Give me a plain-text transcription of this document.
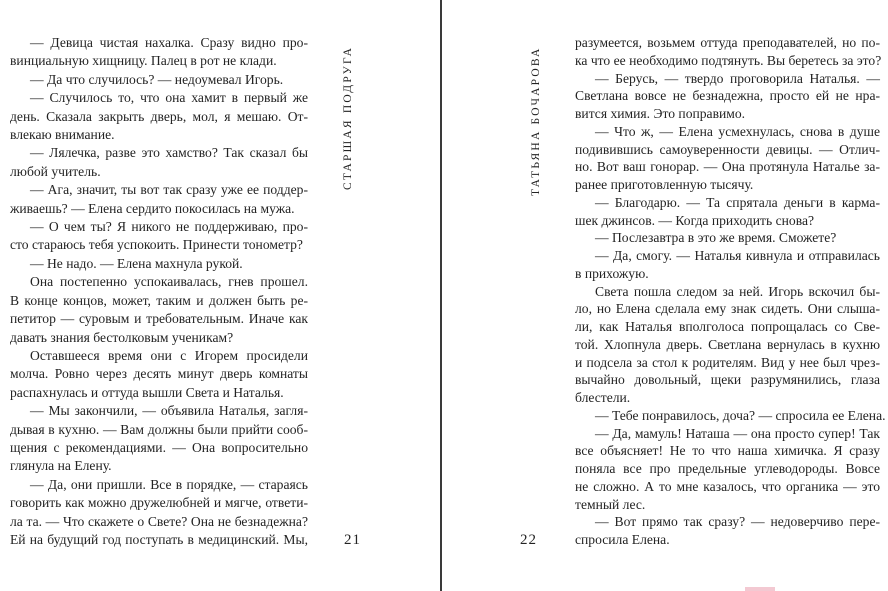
— Девица чистая нахалка. Сразу видно про-
винциальную хищницу. Палец в рот не клади.
— Да что случилось? — недоумевал Игорь.
— Случилось то, что она хамит в первый же
день. Сказала закрыть дверь, мол, я мешаю. От-
влекаю внимание.
— Лялечка, разве это хамство? Так сказал бы
любой учитель.
— Ага, значит, ты вот так сразу уже ее поддер-
живаешь? — Елена сердито покосилась на мужа.
— О чем ты? Я никого не поддерживаю, про-
сто стараюсь тебя успокоить. Принести тонометр?
— Не надо. — Елена махнула рукой.
Она постепенно успокаивалась, гнев прошел.
В конце концов, может, таким и должен быть ре-
петитор — суровым и требовательным. Иначе как
давать знания бестолковым ученикам?
Оставшееся время они с Игорем просидели
молча. Ровно через десять минут дверь комнаты
распахнулась и оттуда вышли Света и Наталья.
— Мы закончили, — объявила Наталья, загля-
дывая в кухню. — Вам должны были прийти сооб-
щения с рекомендациями. — Она вопросительно
глянула на Елену.
— Да, они пришли. Все в порядке, — стараясь
говорить как можно дружелюбней и мягче, ответи-
ла та. — Что скажете о Свете? Она не безнадежна?
Ей на будущий год поступать в медицинский. Мы,
СТАРШАЯ ПОДРУГА
21
ТАТЬЯНА БОЧАРОВА
22
разумеется, возьмем оттуда преподавателей, но по-
ка что ее необходимо подтянуть. Вы беретесь за это?
— Берусь, — твердо проговорила Наталья. —
Светлана вовсе не безнадежна, просто ей не нра-
вится химия. Это поправимо.
— Что ж, — Елена усмехнулась, снова в душе
подивившись самоуверенности девицы. — Отлич-
но. Вот ваш гонорар. — Она протянула Наталье за-
ранее приготовленную тысячу.
— Благодарю. — Та спрятала деньги в карма-
шек джинсов. — Когда приходить снова?
— Послезавтра в это же время. Сможете?
— Да, смогу. — Наталья кивнула и отправилась
в прихожую.
Света пошла следом за ней. Игорь вскочил бы-
ло, но Елена сделала ему знак сидеть. Они слыша-
ли, как Наталья вполголоса попрощалась со Све-
той. Хлопнула дверь. Светлана вернулась в кухню
и подсела за стол к родителям. Вид у нее был чрез-
вычайно довольный, щеки разрумянились, глаза
блестели.
— Тебе понравилось, доча? — спросила ее Елена.
— Да, мамуль! Наташа — она просто супер! Так
все объясняет! Не то что наша химичка. Я сразу
поняла все про предельные углеводороды. Вовсе
не сложно. А то мне казалось, что органика — это
темный лес.
— Вот прямо так сразу? — недоверчиво пере-
спросила Елена.
